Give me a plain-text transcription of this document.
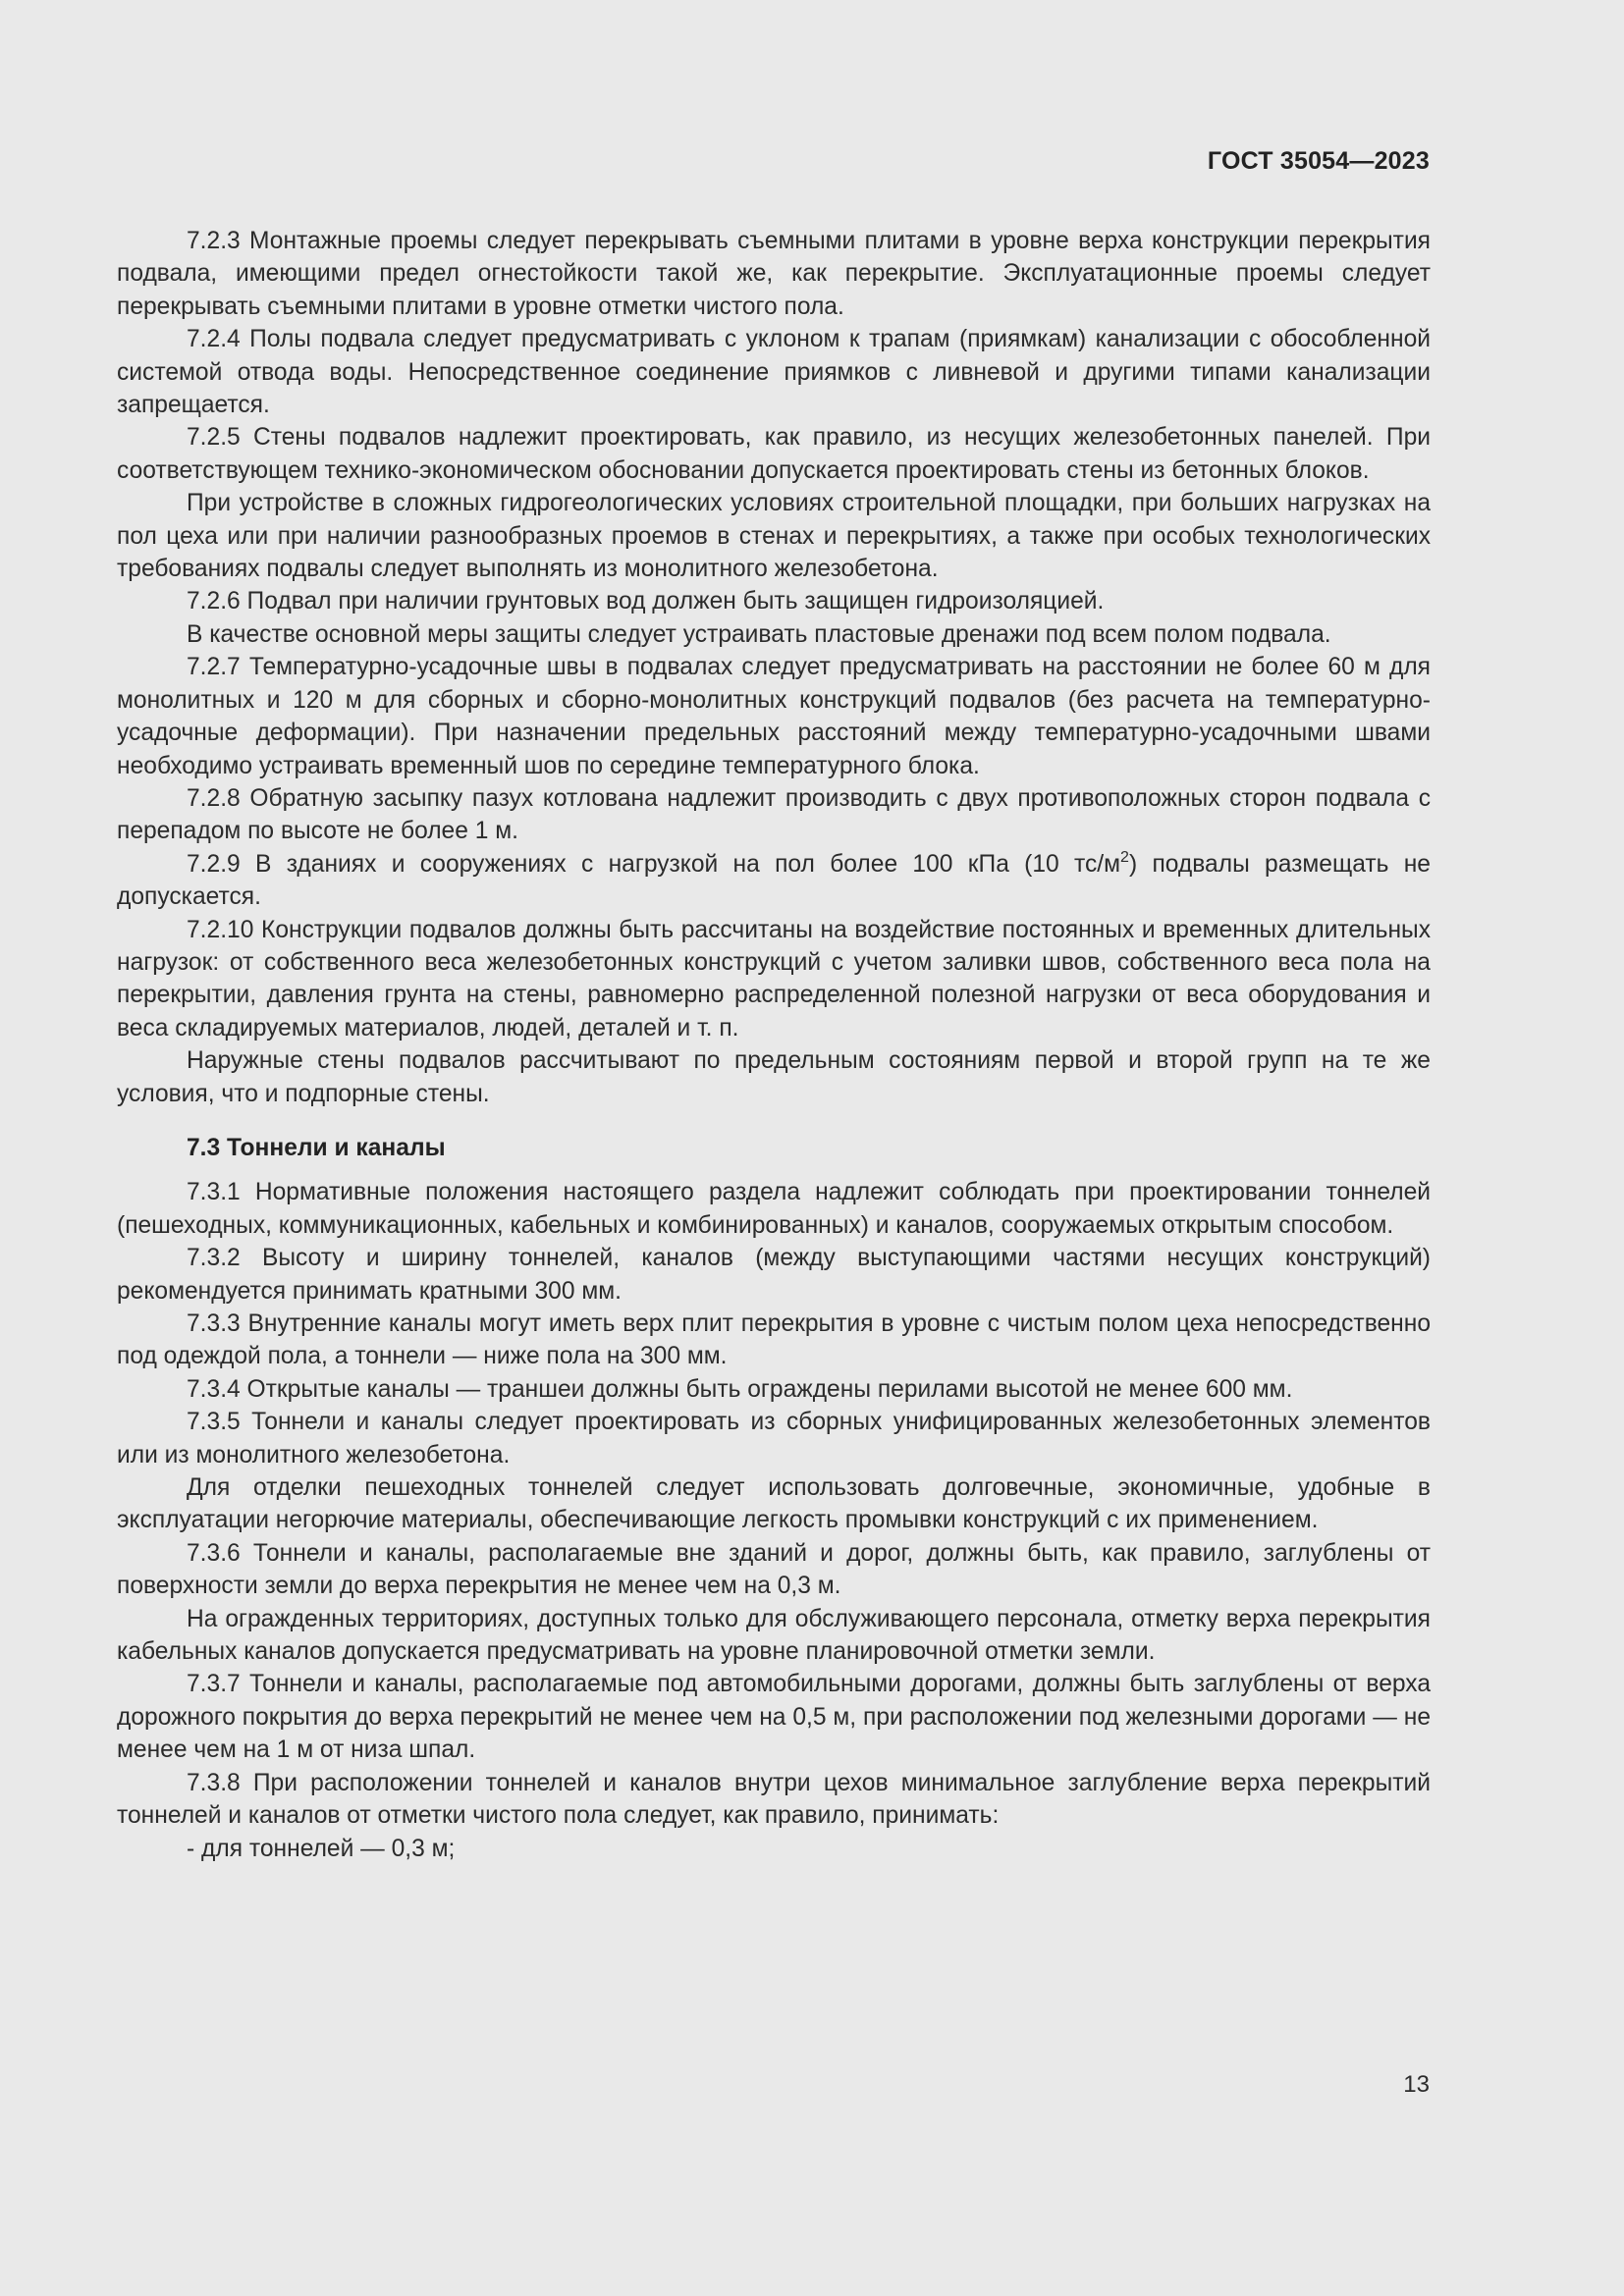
ГОСТ 35054—2023

7.2.3 Монтажные проемы следует перекрывать съемными плитами в уровне верха конструкции перекрытия подвала, имеющими предел огнестойкости такой же, как перекрытие. Эксплуатационные проемы следует перекрывать съемными плитами в уровне отметки чистого пола.

7.2.4 Полы подвала следует предусматривать с уклоном к трапам (приямкам) канализации с обособленной системой отвода воды. Непосредственное соединение приямков с ливневой и другими типами канализации запрещается.

7.2.5 Стены подвалов надлежит проектировать, как правило, из несущих железобетонных панелей. При соответствующем технико-экономическом обосновании допускается проектировать стены из бетонных блоков.

При устройстве в сложных гидрогеологических условиях строительной площадки, при больших нагрузках на пол цеха или при наличии разнообразных проемов в стенах и перекрытиях, а также при особых технологических требованиях подвалы следует выполнять из монолитного железобетона.

7.2.6 Подвал при наличии грунтовых вод должен быть защищен гидроизоляцией.

В качестве основной меры защиты следует устраивать пластовые дренажи под всем полом подвала.

7.2.7 Температурно-усадочные швы в подвалах следует предусматривать на расстоянии не более 60 м для монолитных и 120 м для сборных и сборно-монолитных конструкций подвалов (без расчета на температурно-усадочные деформации). При назначении предельных расстояний между температурно-усадочными швами необходимо устраивать временный шов по середине температурного блока.

7.2.8 Обратную засыпку пазух котлована надлежит производить с двух противоположных сторон подвала с перепадом по высоте не более 1 м.

7.2.9 В зданиях и сооружениях с нагрузкой на пол более 100 кПа (10 $тс/м^2$) подвалы размещать не допускается.

7.2.10 Конструкции подвалов должны быть рассчитаны на воздействие постоянных и временных длительных нагрузок: от собственного веса железобетонных конструкций с учетом заливки швов, собственного веса пола на перекрытии, давления грунта на стены, равномерно распределенной полезной нагрузки от веса оборудования и веса складируемых материалов, людей, деталей и т. п.

Наружные стены подвалов рассчитывают по предельным состояниям первой и второй групп на те же условия, что и подпорные стены.

7.3 Тоннели и каналы

7.3.1 Нормативные положения настоящего раздела надлежит соблюдать при проектировании тоннелей (пешеходных, коммуникационных, кабельных и комбинированных) и каналов, сооружаемых открытым способом.

7.3.2 Высоту и ширину тоннелей, каналов (между выступающими частями несущих конструкций) рекомендуется принимать кратными 300 мм.

7.3.3 Внутренние каналы могут иметь верх плит перекрытия в уровне с чистым полом цеха непосредственно под одеждой пола, а тоннели — ниже пола на 300 мм.

7.3.4 Открытые каналы — траншеи должны быть ограждены перилами высотой не менее 600 мм.

7.3.5 Тоннели и каналы следует проектировать из сборных унифицированных железобетонных элементов или из монолитного железобетона.

Для отделки пешеходных тоннелей следует использовать долговечные, экономичные, удобные в эксплуатации негорючие материалы, обеспечивающие легкость промывки конструкций с их применением.

7.3.6 Тоннели и каналы, располагаемые вне зданий и дорог, должны быть, как правило, заглублены от поверхности земли до верха перекрытия не менее чем на 0,3 м.

На огражденных территориях, доступных только для обслуживающего персонала, отметку верха перекрытия кабельных каналов допускается предусматривать на уровне планировочной отметки земли.

7.3.7 Тоннели и каналы, располагаемые под автомобильными дорогами, должны быть заглублены от верха дорожного покрытия до верха перекрытий не менее чем на 0,5 м, при расположении под железными дорогами — не менее чем на 1 м от низа шпал.

7.3.8 При расположении тоннелей и каналов внутри цехов минимальное заглубление верха перекрытий тоннелей и каналов от отметки чистого пола следует, как правило, принимать:

- для тоннелей — 0,3 м;

13
